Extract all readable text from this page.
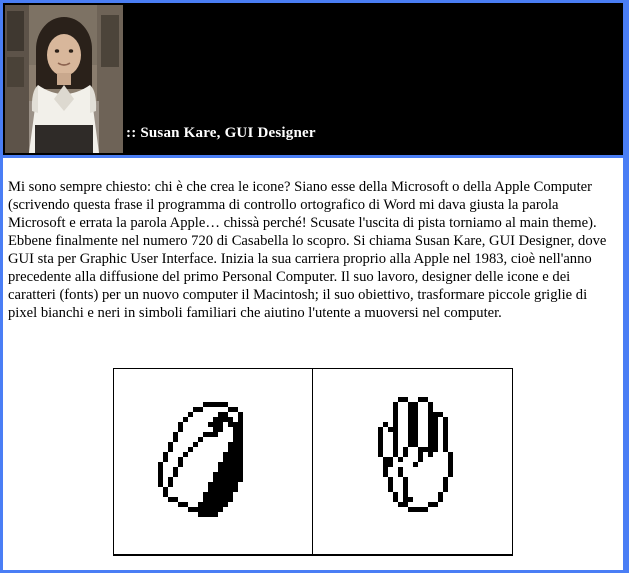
:: Susan Kare, GUI Designer

Mi sono sempre chiesto: chi è che crea le icone? Siano esse della Microsoft o della Apple Computer (scrivendo questa frase il programma di controllo ortografico di Word mi dava giusta la parola Microsoft e errata la parola Apple… chissà perché! Scusate l'uscita di pista torniamo al main theme). Ebbene finalmente nel numero 720 di Casabella lo scopro. Si chiama Susan Kare, GUI Designer, dove GUI sta per Graphic User Interface. Inizia la sua carriera proprio alla Apple nel 1983, cioè nell'anno precedente alla diffusione del primo Personal Computer. Il suo lavoro, designer delle icone e dei caratteri (fonts) per un nuovo computer il Macintosh; il suo obiettivo, trasformare piccole griglie di pixel bianchi e neri in simboli familiari che aiutino l'utente a muoversi nel computer.
